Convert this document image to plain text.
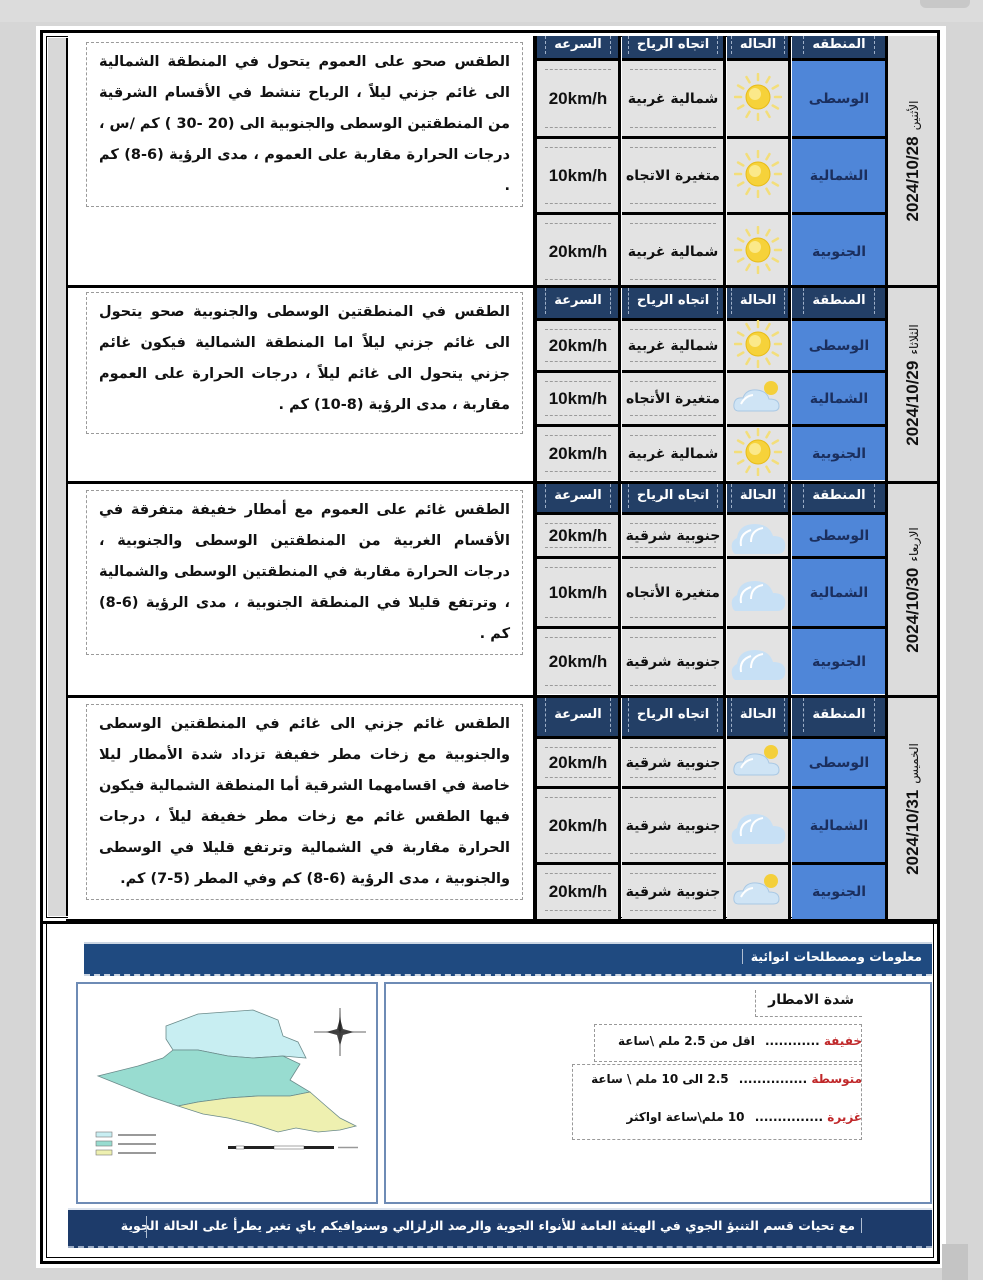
الطقس صحو على العموم يتحول في المنطقة الشمالية الى غائم جزني ليلاً ، الرياح تنشط في الأقسام الشرقية من المنطقتين الوسطى والجنوبية الى (20 -30 ) كم /س ، درجات الحرارة مقاربة على العموم ، مدى الرؤية (6-8) كم .
السرعه	اتجاه الرياح	الحاله	المنطقه
20km/h شمالية غربية	الوسطى
10km/h متغيرة الاتجاه	الشمالية
20km/h شمالية غربية	الجنوبية
2024/10/28الأثنين
الطقس في المنطقتين الوسطى والجنوبية صحو يتحول الى غائم جزني ليلاً اما المنطقة الشمالية فيكون غائم جزني يتحول الى غائم ليلاً ، درجات الحرارة على العموم مقاربة ، مدى الرؤية (8-10) كم .
السرعة	اتجاه الرياح	الحالة	المنطقة
20km/h شمالية غربية	الوسطى
10km/h متغيرة الأتجاه	الشمالية
20km/h شمالية غربية	الجنوبية
2024/10/29الثلاثاء
الطقس غائم على العموم مع أمطار خفيفة متفرقة في الأقسام الغربية من المنطقتين الوسطى والجنوبية ، درجات الحرارة مقاربة في المنطقتين الوسطى والشمالية ، وترتفع قليلا في المنطقة الجنوبية ، مدى الرؤية (6-8) كم .
السرعة	اتجاه الرياح	الحالة	المنطقة
20km/h جنوبية شرقية	الوسطى
10km/h متغيرة الأتجاه	الشمالية
20km/h جنوبية شرقية	الجنوبية
2024/10/30الاربعاء
الطقس غائم جزني الى غائم في المنطقتين الوسطى والجنوبية مع زخات مطر خفيفة تزداد شدة الأمطار ليلا خاصة في اقسامهما الشرقية أما المنطقة الشمالية فيكون فيها الطقس غائم مع زخات مطر خفيفة ليلاً ، درجات الحرارة مقاربة في الشمالية وترتفع قليلا في الوسطى والجنوبية ، مدى الرؤية (6-8) كم وفي المطر (5-7) كم.
السرعة	اتجاه الرياح	الحالة	المنطقة
20km/h جنوبية شرقية	الوسطى
20km/h جنوبية شرقية	الشمالية
20km/h جنوبية شرقية	الجنوبية
2024/10/31الخميس
معلومات ومصطلحات انوائية
شدة الامطار
خفيفة ............ اقل من 2.5 ملم \ساعة
متوسطة ............... 2.5 الى 10 ملم \ ساعة
غزيرة ............... 10 ملم\ساعة اواكثر
مع تحيات قسم التنبؤ الجوي في الهيئة العامة للأنواء الجوية والرصد الزلزالي وسنوافيكم باي تغير يطرأ على الحالة الجوية
